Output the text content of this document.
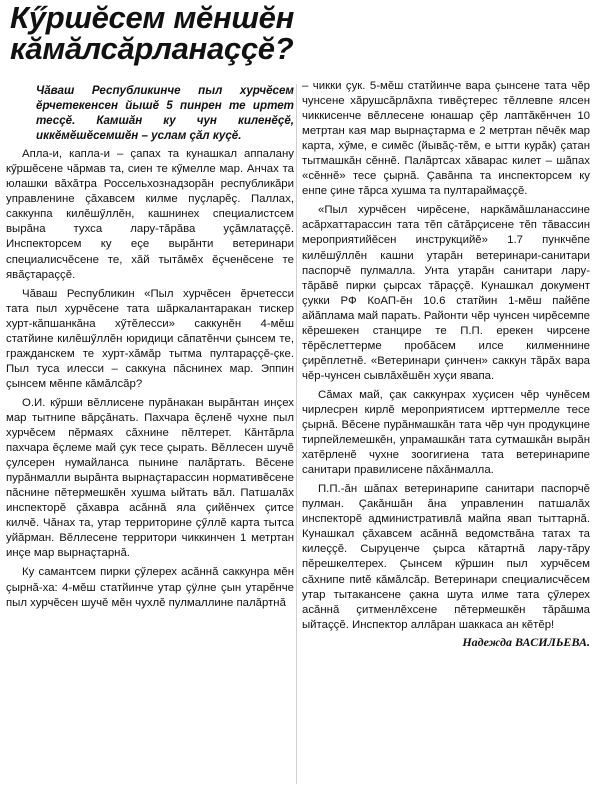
Кӳршӗсем мӗншӗн
кӑмӑлсӑрланаççӗ?

Чăваш Республикинче пыл хурчĕсем ĕрчетекенсен йышĕ 5 пинрен те иртет тесçĕ. Камшăн ку чун киленĕçĕ, иккĕмĕшĕсемшĕн – услам çăл куçĕ.

Апла-и, капла-и – çапах та кунашкал аппалану кӳршĕсене чăрмав та, сиен те кӳмелле мар. Анчах та юлашки вăхăтра Россельхознадзорăн республикăри управленине çăхавсем килме пуçларĕç. Паллах, саккунпа килĕшӳллĕн, кашнинех специалистсем вырăна тухса лару-тăрăва уçăмлатаççĕ. Инспекторсем ку еçе вырăнти ветеринари специалисчĕсене те, хăй тытăмĕх ĕçченĕсене те явăçтараççĕ.

Чăваш Республикин «Пыл хурчĕсен ĕрчетесси тата пыл хурчĕсене тата шăркалантаракан тискер хурт-кăпшанкăна хӳтĕлесси» саккунĕн 4-мĕш статйине килĕшӳллĕн юридици сăпатĕнчи çынсем те, гражданскем те хурт-хăмăр тытма пултараççĕ-çке. Пыл туса илесси – саккуна пăснинех мар. Эппин çынсем мĕнпе кăмăлсăр?

О.И. кӳрши вĕллисене пурăнакан вырăнтан инçех мар тытнипе вăрçăнать. Пахчара ĕçленĕ чухне пыл хурчĕсем пĕрмаях сăхнине пĕлтерет. Кăнтăрла пахчара ĕçлеме май çук тесе çырать. Вĕллесен шучĕ çулсерен нумайланса пынине палăртать. Вĕсене пурăнмалли вырăнта вырнаçтарассин нормативĕсене пăснине пĕтермешкĕн хушма ыйтать вăл. Патшалăх инспекторĕ çăхавра асăннă яла çийĕнчех çитсе килчĕ. Чăнах та, утар территорине çӳллĕ карта тытса уйăрман. Вĕллесене территори чиккинчен 1 метртан инçе мар вырнаçтарнă.

Ку самантсем пирки çӳлерех асăннă саккунра мĕн çырнă-ха: 4-мĕш статйинче утар çÿлне çын утарĕнче пыл хурчĕсен шучĕ мĕн чухлĕ пулмаллине палăртнă

– чикки çук. 5-мĕш статйинче вара çынсене тата чĕр чунсене хăрушсăрлăхпа тивĕçтерес тĕллевпе ялсен чиккисенче вĕллесене юнашар çĕр лаптăкĕнчен 10 метртан кая мар вырнаçтарма е 2 метртан пĕчĕк мар карта, хӳме, е симĕс (йывăç-тĕм, е ытти курăк) çатан тытмашкăн сĕннĕ. Палăртсах хăварас килет – шăпах «сĕннĕ» тесе çырнă. Çавăнпа та инспекторсем ку енпе çине тăрса хушма та пултараймаççĕ.

«Пыл хурчĕсен чирĕсене, наркăмăшланассине асăрхаттарассин тата тĕп сăтăрçисене тĕп тăвассин мероприятийĕсен инструкцийĕ» 1.7 пункчĕпе килĕшӳллĕн кашни утарăн ветеринари-санитари паспорчĕ пулмалла. Унта утарăн санитари лару-тăрăвĕ пирки çырсах тăраççĕ. Кунашкал документ çукки РФ КоАП-ĕн 10.6 статйин 1-мĕш пайĕпе айăплама май парать. Районти чĕр чунсен чирĕсемпе кĕрешекен станцире те П.П. ерекен чирсене тĕрĕслеттерме пробăсем илсе килменнине çирĕплетнĕ. «Ветеринари çинчен» саккун тăрăх вара чĕр-чунсен сывлăхĕшĕн хуçи явапа.

Сăмах май, çак саккунрах хуçисен чĕр чунĕсем чирлесрен кирлĕ мероприятисем ирттермелле тесе çырнă. Вĕсене пурăнмашкăн тата чĕр чун продукцине тирпейлемешкĕн, упрамашкăн тата сутмашкăн вырăн хатĕрленĕ чухне зоогигиена тата ветеринарипе санитари правилисене пăхăнмалла.

П.П.-ăн шăпах ветеринарипе санитари паспорчĕ пулман. Çакăншăн ăна управленин патшалăх инспекторĕ административлă майпа явап тыттарнă. Кунашкал çăхавсем асăннă ведомствăна татах та килеççĕ. Сыруценче çырса кăтартнă лару-тăру пĕрешкелтерех. Çынсем кӳршин пыл хурчĕсем сăхнипе пиtĕ кăмăлсăр. Ветеринари специалисчĕсем утар тытакансене çакна шута илме тата çӳлерех асăннă çитменлĕхсене пĕтермешкĕн тăрăшма ыйтаççĕ. Инспектор аллăран шаккаса ан кĕтĕр!

Надежда ВАСИЛЬЕВА.
